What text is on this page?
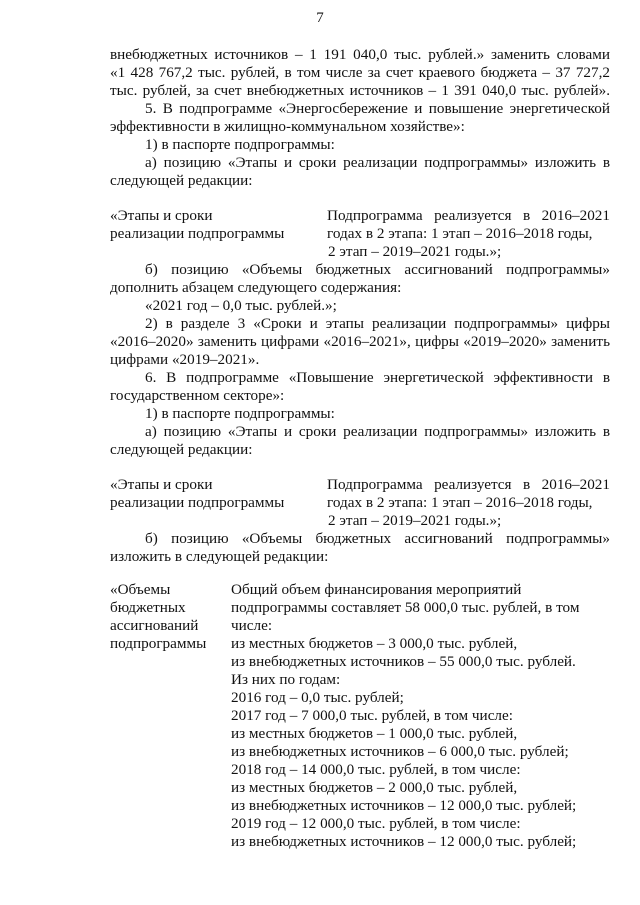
7
внебюджетных источников – 1 191 040,0 тыс. рублей.» заменить словами
«1 428 767,2 тыс. рублей, в том числе за счет краевого бюджета – 37 727,2
тыс. рублей, за счет внебюджетных источников – 1 391 040,0 тыс. рублей».
5. В подпрограмме «Энергосбережение и повышение энергетической
эффективности в жилищно-коммунальном хозяйстве»:
1) в паспорте подпрограммы:
а) позицию «Этапы и сроки реализации подпрограммы» изложить в
следующей редакции:
«Этапы и сроки
реализации подпрограммы
Подпрограмма реализуется в 2016–2021
годах в 2 этапа: 1 этап – 2016–2018 годы,
2 этап – 2019–2021 годы.»;
б) позицию «Объемы бюджетных ассигнований подпрограммы»
дополнить абзацем следующего содержания:
«2021 год – 0,0 тыс. рублей.»;
2) в разделе 3 «Сроки и этапы реализации подпрограммы» цифры
«2016–2020» заменить цифрами «2016–2021», цифры «2019–2020» заменить
цифрами «2019–2021».
6. В подпрограмме «Повышение энергетической эффективности в
государственном секторе»:
1) в паспорте подпрограммы:
а) позицию «Этапы и сроки реализации подпрограммы» изложить в
следующей редакции:
«Этапы и сроки
реализации подпрограммы
Подпрограмма реализуется в 2016–2021
годах в 2 этапа: 1 этап – 2016–2018 годы,
2 этап – 2019–2021 годы.»;
б) позицию «Объемы бюджетных ассигнований подпрограммы»
изложить в следующей редакции:
«Объемы
бюджетных
ассигнований
подпрограммы
Общий объем финансирования мероприятий
подпрограммы составляет 58 000,0 тыс. рублей, в том
числе:
из местных бюджетов – 3 000,0 тыс. рублей,
из внебюджетных источников – 55 000,0 тыс. рублей.
Из них по годам:
2016 год – 0,0 тыс. рублей;
2017 год – 7 000,0 тыс. рублей, в том числе:
из местных бюджетов – 1 000,0 тыс. рублей,
из внебюджетных источников – 6 000,0 тыс. рублей;
2018 год – 14 000,0 тыс. рублей, в том числе:
из местных бюджетов – 2 000,0 тыс. рублей,
из внебюджетных источников – 12 000,0 тыс. рублей;
2019 год – 12 000,0 тыс. рублей, в том числе:
из внебюджетных источников – 12 000,0 тыс. рублей;
